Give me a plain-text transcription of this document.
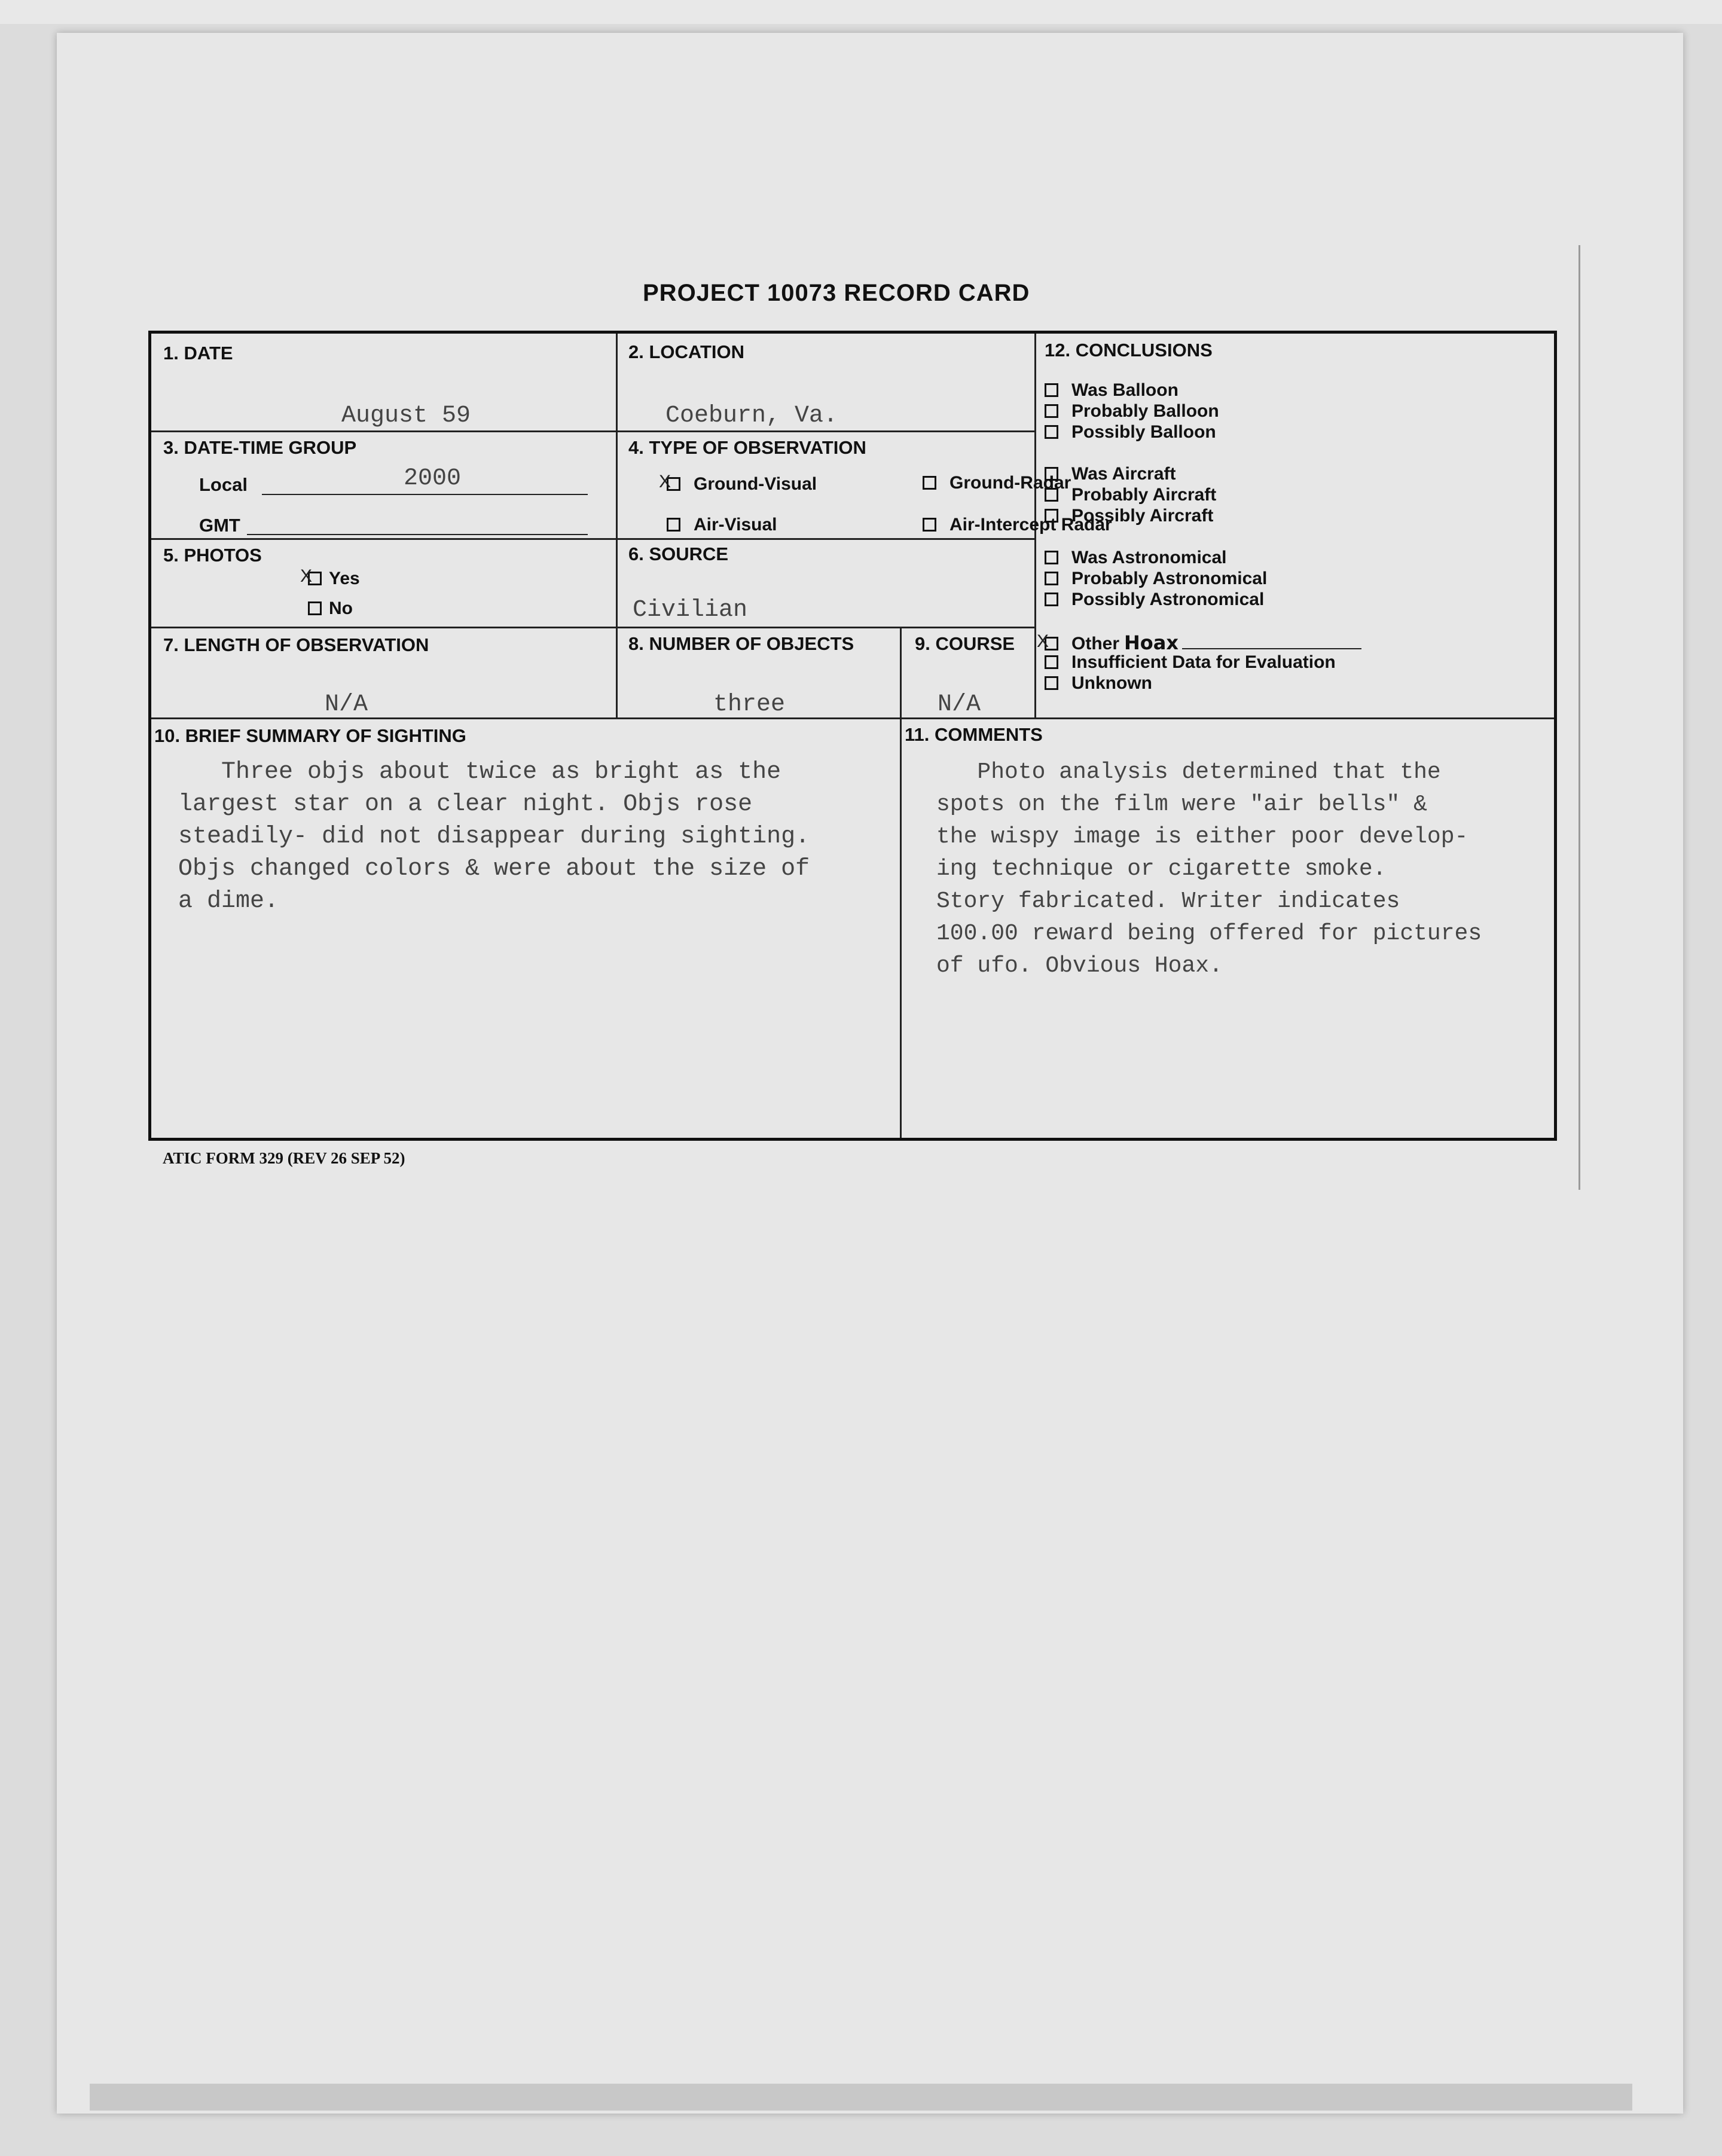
PROJECT 10073 RECORD CARD
1. DATE
August 59
2. LOCATION
Coeburn, Va.
3. DATE-TIME GROUP
Local	2000
GMT
4. TYPE OF OBSERVATION
XGround-Visual	Ground-Radar
Air-Visual	Air-Intercept Radar
5. PHOTOS
XYes
No
6. SOURCE
Civilian
7. LENGTH OF OBSERVATION
N/A
8. NUMBER OF OBJECTS
three
9. COURSE
N/A
12. CONCLUSIONS
Was Balloon
Probably Balloon
Possibly Balloon
Was Aircraft
Probably Aircraft
Possibly Aircraft
Was Astronomical
Probably Astronomical
Possibly Astronomical
XOther Hoax
Insufficient Data for Evaluation
Unknown
10. BRIEF SUMMARY OF SIGHTING
Three objs about twice as bright as the
largest star on a clear night. Objs rose
steadily- did not disappear during sighting.
Objs changed colors & were about the size of
a dime.
11. COMMENTS
Photo analysis determined that the
spots on the film were "air bells" &
the wispy image is either poor develop-
ing technique or cigarette smoke.
Story fabricated. Writer indicates
100.00 reward being offered for pictures
of ufo. Obvious Hoax.
ATIC FORM 329 (REV 26 SEP 52)
